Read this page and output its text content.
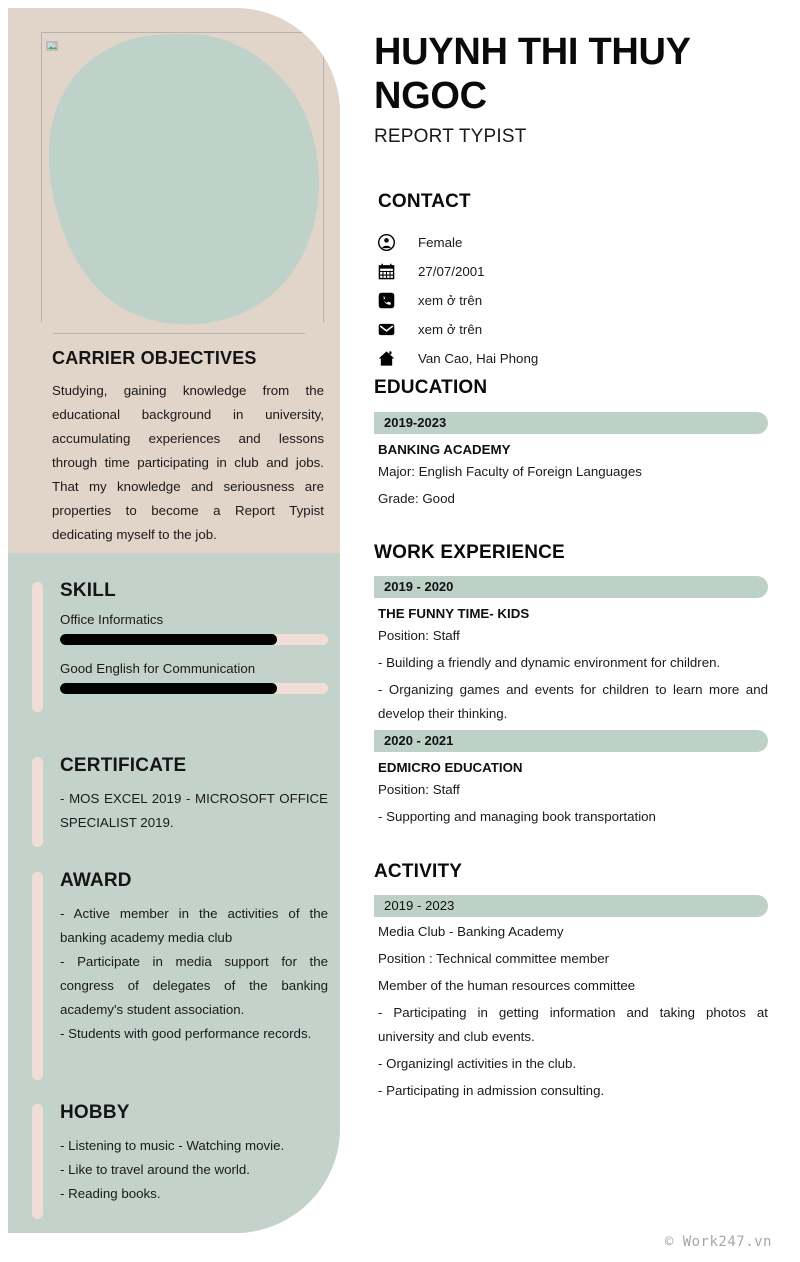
CARRIER OBJECTIVES

Studying, gaining knowledge from the educational background in university, accumulating experiences and lessons through time participating in club and jobs. That my knowledge and seriousness are properties to become a Report Typist dedicating myself to the job.

SKILL

Office Informatics

Good English for Communication

CERTIFICATE

- MOS EXCEL 2019 - MICROSOFT OFFICE SPECIALIST 2019.

AWARD

- Active member in the activities of the banking academy media club

- Participate in media support for the congress of delegates of the banking academy's student association.

- Students with good performance records.

HOBBY

- Listening to music - Watching movie.

- Like to travel around the world.

- Reading books.

HUYNH THI THUY NGOC

REPORT TYPIST

CONTACT
Female
27/07/2001
xem ở trên
xem ở trên
Van Cao, Hai Phong
EDUCATION
2019-2023

BANKING ACADEMY

Major: English Faculty of Foreign Languages

Grade: Good

WORK EXPERIENCE
2019 - 2020

THE FUNNY TIME- KIDS

Position: Staff

- Building a friendly and dynamic environment for children.

- Organizing games and events for children to learn more and develop their thinking.

2020 - 2021

EDMICRO EDUCATION

Position: Staff

- Supporting and managing book transportation

ACTIVITY
2019 - 2023

Media Club - Banking Academy

Position : Technical committee member

Member of the human resources committee

- Participating in getting information and taking photos at university and club events.

- Organizingl activities in the club.

- Participating in admission consulting.

© Work247.vn
